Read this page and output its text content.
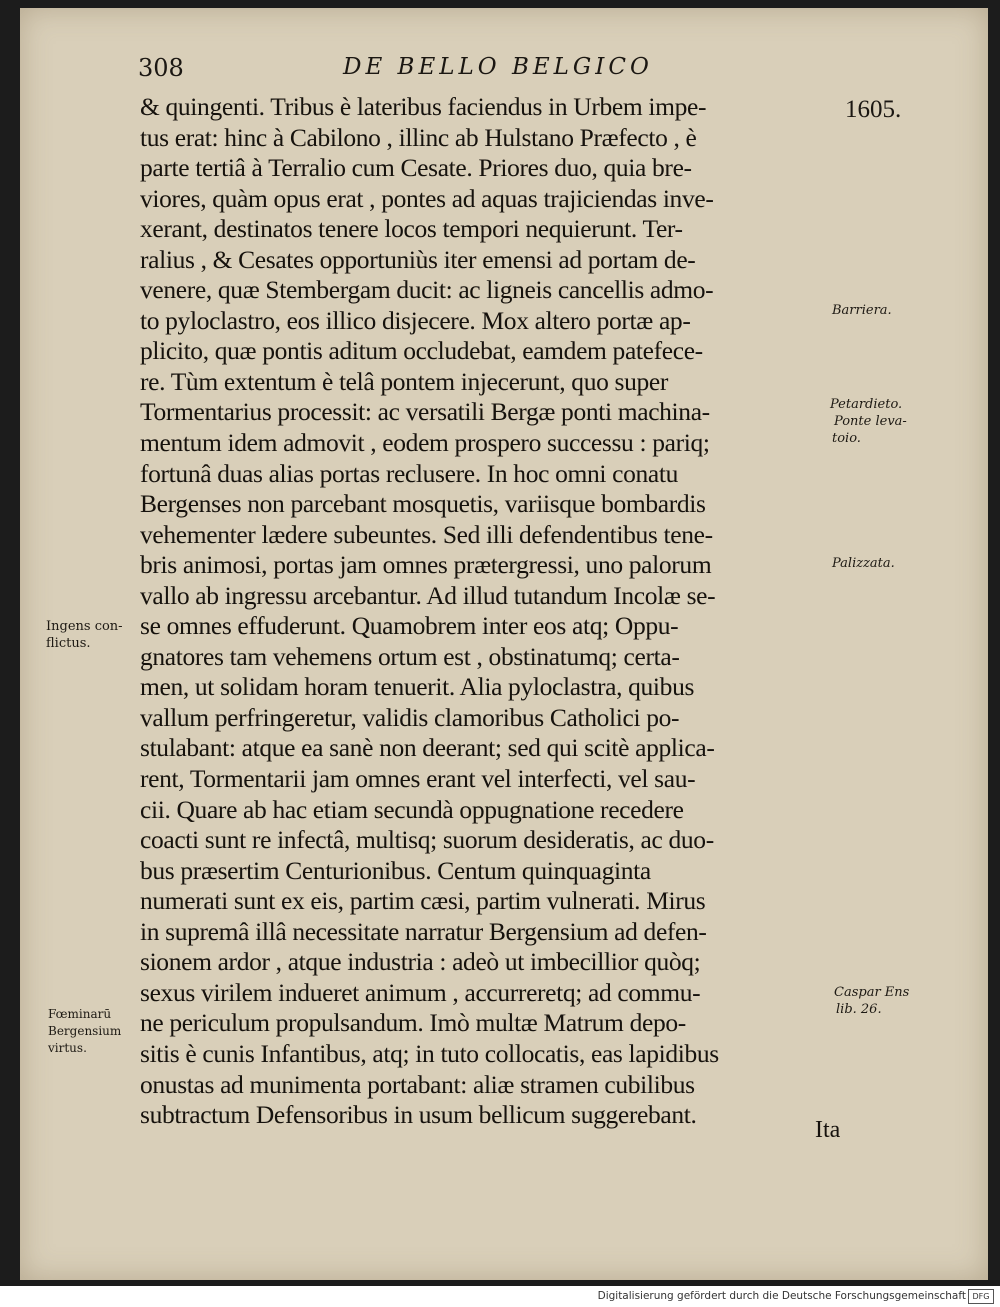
308	DE BELLO BELGICO
1605.
& quingenti. Tribus è lateribus faciendus in Urbem impe-
tus erat: hinc à Cabilono , illinc ab Hulstano Præfecto , è
parte tertiâ à Terralio cum Cesate. Priores duo, quia bre-
viores, quàm opus erat , pontes ad aquas trajiciendas inve-
xerant, destinatos tenere locos tempori nequierunt. Ter-
ralius , & Cesates opportuniùs iter emensi ad portam de-
venere, quæ Stembergam ducit: ac ligneis cancellis admo-
to pyloclastro, eos illico disjecere. Mox altero portæ ap-
plicito, quæ pontis aditum occludebat, eamdem patefece-
re. Tùm extentum è telâ pontem injecerunt, quo super
Tormentarius processit: ac versatili Bergæ ponti machina-
mentum idem admovit , eodem prospero successu : pariq;
fortunâ duas alias portas reclusere. In hoc omni conatu
Bergenses non parcebant mosquetis, variisque bombardis
vehementer lædere subeuntes. Sed illi defendentibus tene-
bris animosi, portas jam omnes prætergressi, uno palorum
vallo ab ingressu arcebantur. Ad illud tutandum Incolæ se-
se omnes effuderunt. Quamobrem inter eos atq; Oppu-
gnatores tam vehemens ortum est , obstinatumq; certa-
men, ut solidam horam tenuerit. Alia pyloclastra, quibus
vallum perfringeretur, validis clamoribus Catholici po-
stulabant: atque ea sanè non deerant; sed qui scitè applica-
rent, Tormentarii jam omnes erant vel interfecti, vel sau-
cii. Quare ab hac etiam secundà oppugnatione recedere
coacti sunt re infectâ, multisq; suorum desideratis, ac duo-
bus præsertim Centurionibus. Centum quinquaginta
numerati sunt ex eis, partim cæsi, partim vulnerati. Mirus
in supremâ illâ necessitate narratur Bergensium ad defen-
sionem ardor , atque industria : adeò ut imbecillior quòq;
sexus virilem indueret animum , accurreretq; ad commu-
ne periculum propulsandum. Imò multæ Matrum depo-
sitis è cunis Infantibus, atq; in tuto collocatis, eas lapidibus
onustas ad munimenta portabant: aliæ stramen cubilibus
subtractum Defensoribus in usum bellicum suggerebant.
Barriera.
Petardieto.
Ponte leva-
toio.
Palizzata.
Ingens con-
flictus.
Caspar Ens
lib. 26.
Fœminarū
Bergensium
virtus.
Ita
Digitalisierung gefördert durch die Deutsche Forschungsgemeinschaft DFG
